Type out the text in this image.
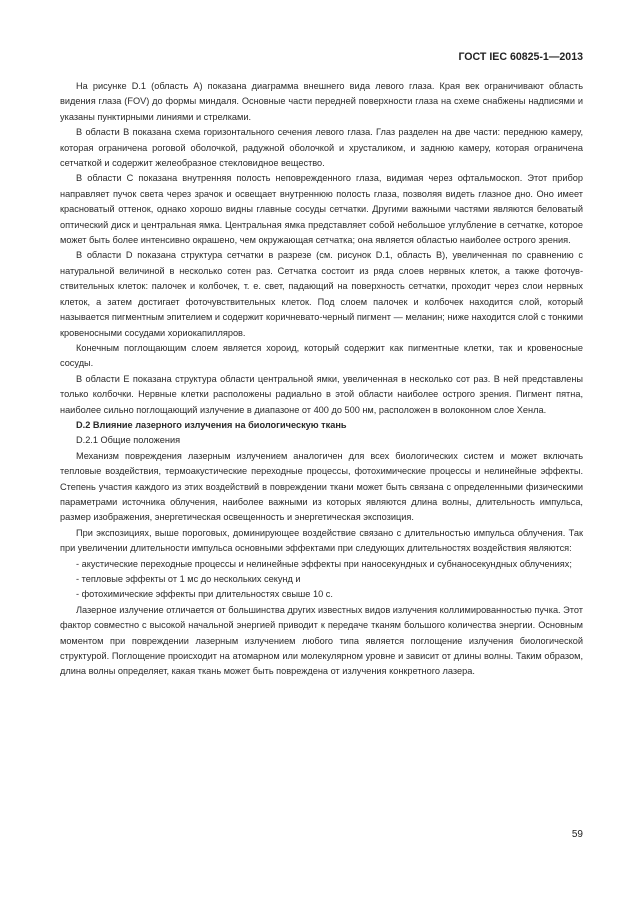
ГОСТ IEC 60825-1—2013

На рисунке D.1 (область А) показана диаграмма внешнего вида левого глаза. Края век ограничивают область видения глаза (FOV) до формы миндаля. Основные части передней поверхности глаза на схеме снабжены надписями и указаны пунктирными линиями и стрелками.

В области В показана схема горизонтального сечения левого глаза. Глаз разделен на две части: переднюю камеру, которая ограничена роговой оболочкой, радужной оболочкой и хрусталиком, и заднюю камеру, которая ограничена сетчаткой и содержит желеобразное стекловидное вещество.

В области С показана внутренняя полость неповрежденного глаза, видимая через офтальмоскоп. Этот прибор направляет пучок света через зрачок и освещает внутреннюю полость глаза, позволяя видеть глазное дно. Оно имеет красноватый оттенок, однако хорошо видны главные сосуды сетчатки. Другими важными частями являются беловатый оптический диск и центральная ямка. Центральная ямка представляет собой небольшое углубление в сетчатке, которое может быть более интенсивно окрашено, чем окружающая сетчатка; она является областью наиболее острого зрения.

В области D показана структура сетчатки в разрезе (см. рисунок D.1, область В), увеличенная по сравнению с натуральной величиной в несколько сотен раз. Сетчатка состоит из ряда слоев нервных клеток, а также фоточувствительных клеток: палочек и колбочек, т. е. свет, падающий на поверхность сетчатки, проходит через слои нервных клеток, а затем достигает фоточувствительных клеток. Под слоем палочек и колбочек находится слой, который называется пигментным эпителием и содержит коричневато-черный пигмент — меланин; ниже находится слой с тонкими кровеносными сосудами хориокапилляров.

Конечным поглощающим слоем является хороид, который содержит как пигментные клетки, так и кровеносные сосуды.

В области Е показана структура области центральной ямки, увеличенная в несколько сот раз. В ней представлены только колбочки. Нервные клетки расположены радиально в этой области наиболее острого зрения. Пигмент пятна, наиболее сильно поглощающий излучение в диапазоне от 400 до 500 нм, расположен в волоконном слое Хенла.

D.2 Влияние лазерного излучения на биологическую ткань

D.2.1 Общие положения

Механизм повреждения лазерным излучением аналогичен для всех биологических систем и может включать тепловые воздействия, термоакустические переходные процессы, фотохимические процессы и нелинейные эффекты. Степень участия каждого из этих воздействий в повреждении ткани может быть связана с определенными физическими параметрами источника облучения, наиболее важными из которых являются длина волны, длительность импульса, размер изображения, энергетическая освещенность и энергетическая экспозиция.

При экспозициях, выше пороговых, доминирующее воздействие связано с длительностью импульса облучения. Так при увеличении длительности импульса основными эффектами при следующих длительностях воздействия являются:

- акустические переходные процессы и нелинейные эффекты при наносекундных и субнаносекундных облучениях;

- тепловые эффекты от 1 мс до нескольких секунд и

- фотохимические эффекты при длительностях свыше 10 с.

Лазерное излучение отличается от большинства других известных видов излучения коллимированностью пучка. Этот фактор совместно с высокой начальной энергией приводит к передаче тканям большого количества энергии. Основным моментом при повреждении лазерным излучением любого типа является поглощение излучения биологической структурой. Поглощение происходит на атомарном или молекулярном уровне и зависит от длины волны. Таким образом, длина волны определяет, какая ткань может быть повреждена от излучения конкретного лазера.

59
